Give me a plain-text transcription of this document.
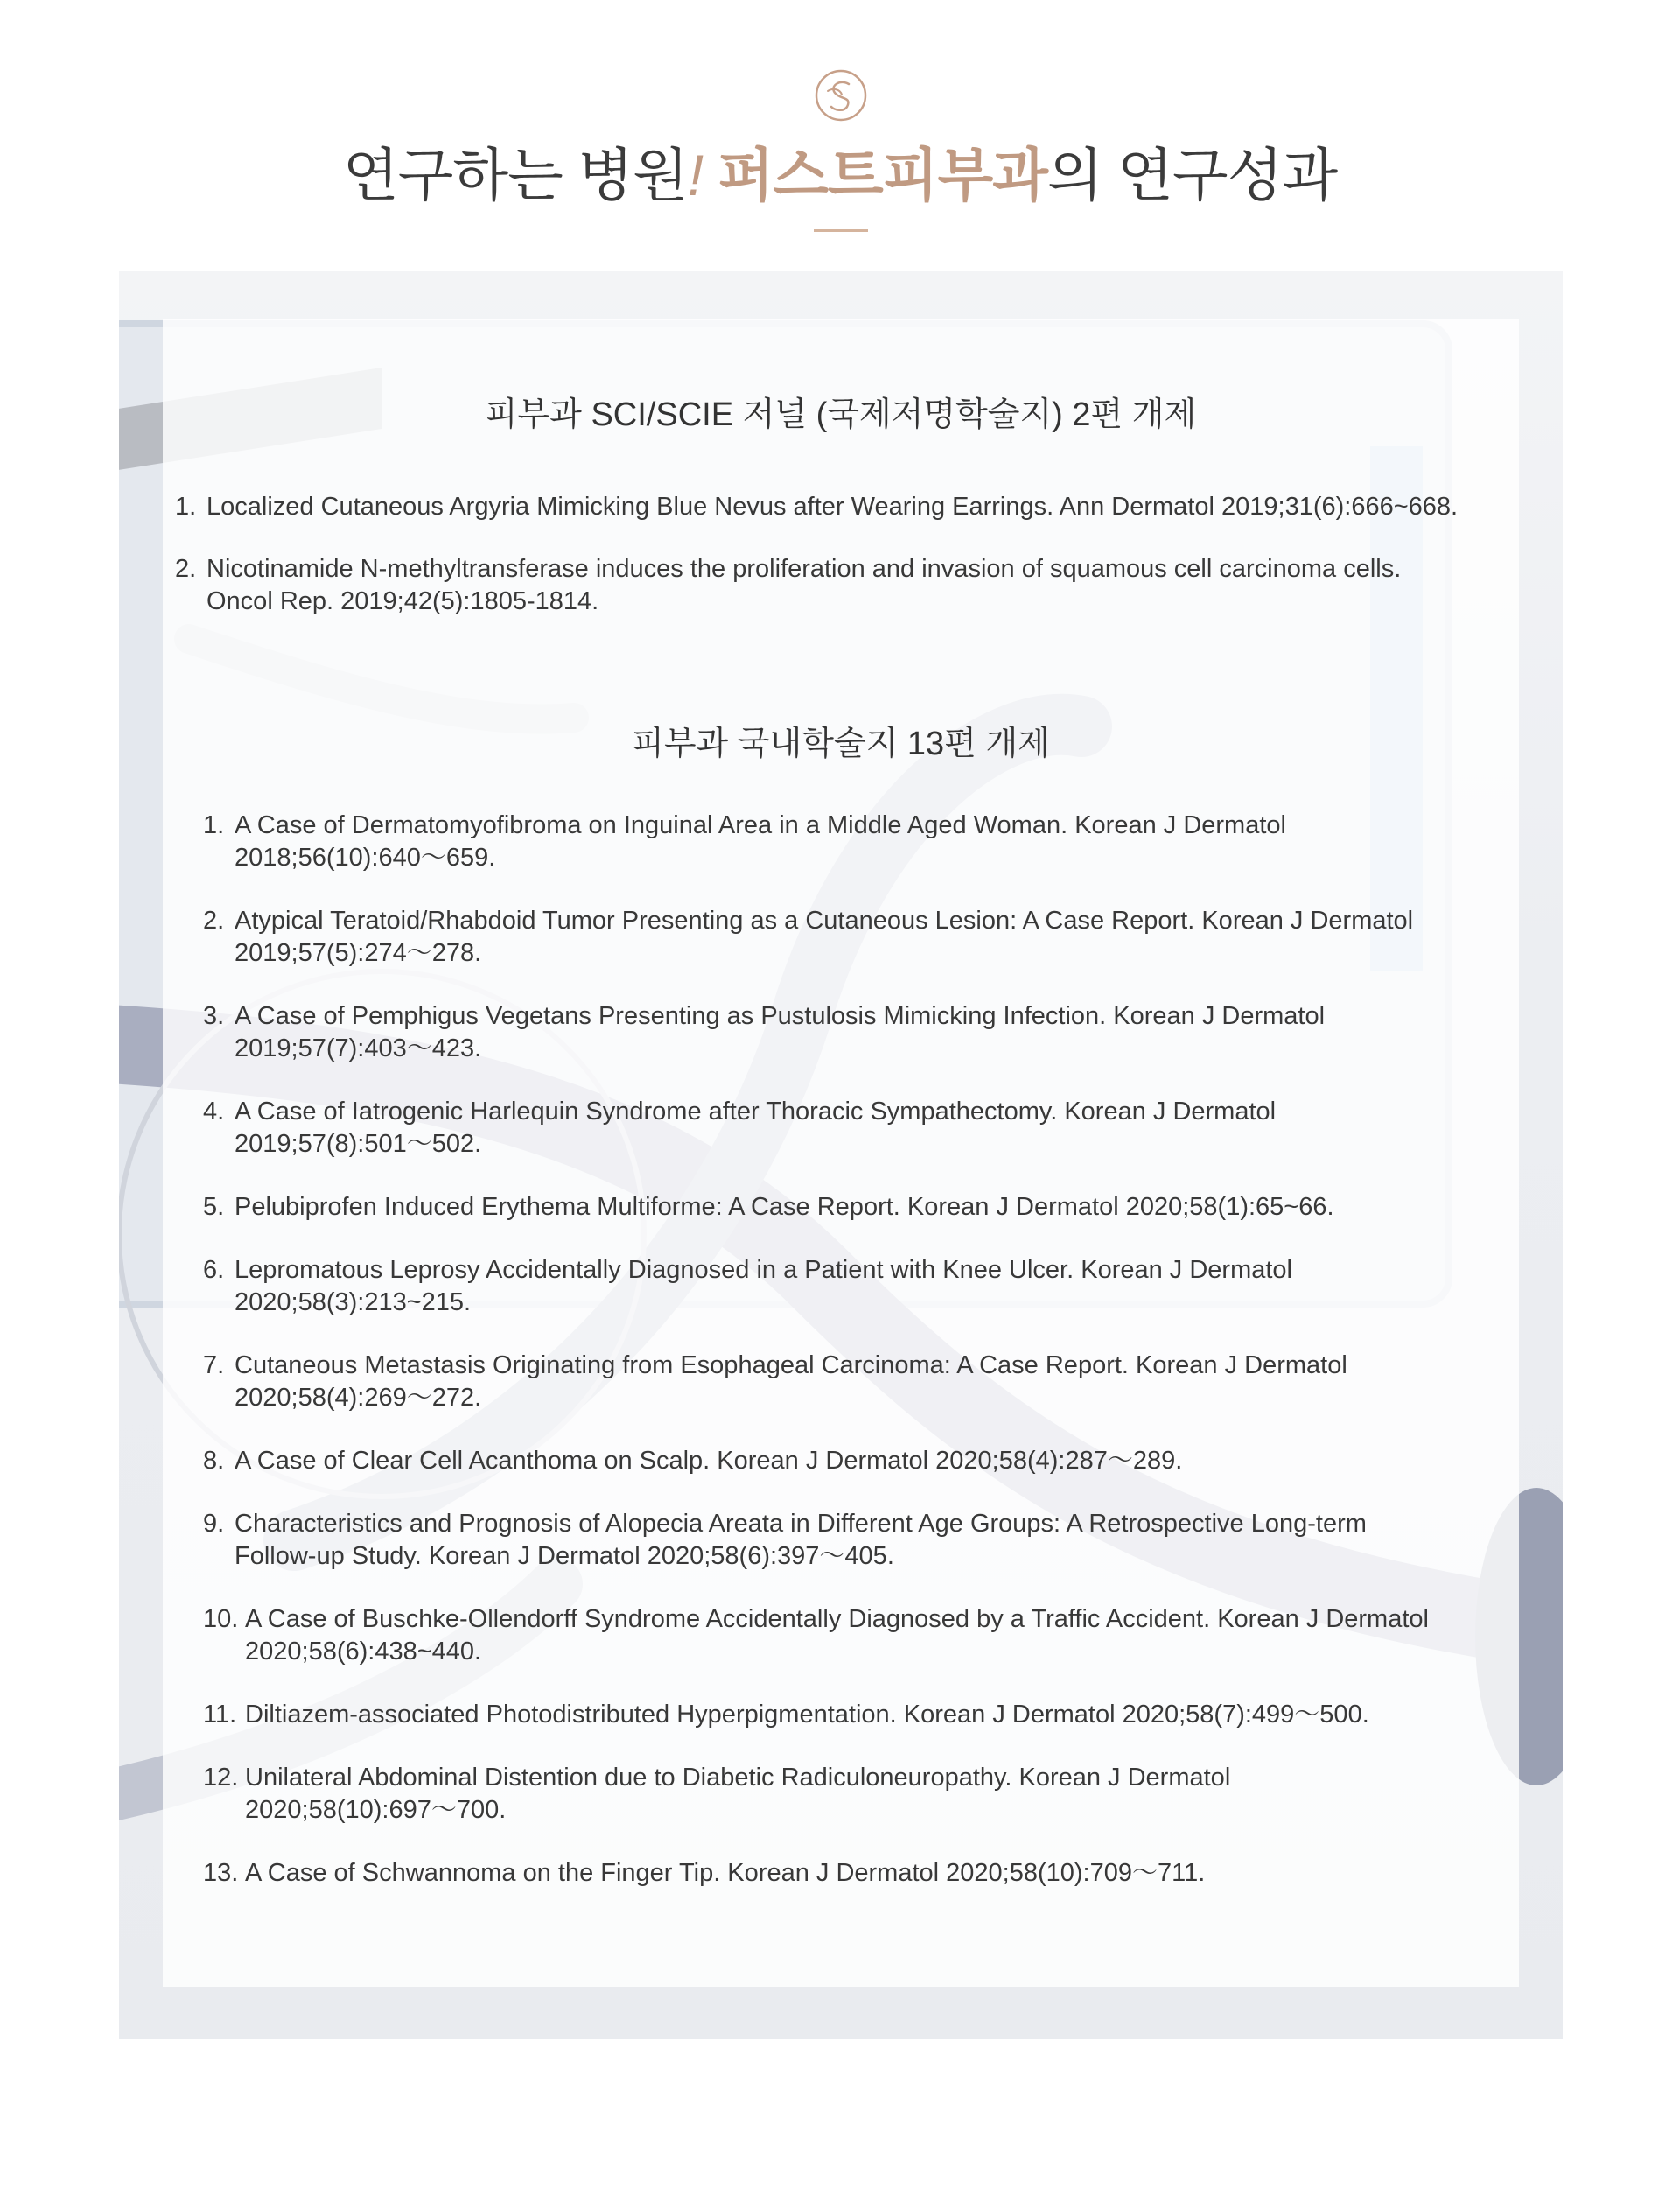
연구하는 병원! 퍼스트피부과의 연구성과
피부과 SCI/SCIE 저널 (국제저명학술지) 2편 개제
1. Localized Cutaneous Argyria Mimicking Blue Nevus after Wearing Earrings. Ann Dermatol 2019;31(6):666~668.
2. Nicotinamide N-methyltransferase induces the proliferation and invasion of squamous cell carcinoma cells.
Oncol Rep. 2019;42(5):1805-1814.
피부과 국내학술지 13편 개제
1. A Case of Dermatomyofibroma on Inguinal Area in a Middle Aged Woman. Korean J Dermatol
2018;56(10):640～659.
2. Atypical Teratoid/Rhabdoid Tumor Presenting as a Cutaneous Lesion: A Case Report. Korean J Dermatol
2019;57(5):274～278.
3. A Case of Pemphigus Vegetans Presenting as Pustulosis Mimicking Infection. Korean J Dermatol
2019;57(7):403～423.
4. A Case of Iatrogenic Harlequin Syndrome after Thoracic Sympathectomy. Korean J Dermatol
2019;57(8):501～502.
5. Pelubiprofen Induced Erythema Multiforme: A Case Report. Korean J Dermatol 2020;58(1):65~66.
6. Lepromatous Leprosy Accidentally Diagnosed in a Patient with Knee Ulcer. Korean J Dermatol
2020;58(3):213~215.
7. Cutaneous Metastasis Originating from Esophageal Carcinoma: A Case Report. Korean J Dermatol
2020;58(4):269～272.
8. A Case of Clear Cell Acanthoma on Scalp. Korean J Dermatol 2020;58(4):287～289.
9. Characteristics and Prognosis of Alopecia Areata in Different Age Groups: A Retrospective Long-term
Follow-up Study. Korean J Dermatol 2020;58(6):397～405.
10. A Case of Buschke-Ollendorff Syndrome Accidentally Diagnosed by a Traffic Accident. Korean J Dermatol
2020;58(6):438~440.
11. Diltiazem-associated Photodistributed Hyperpigmentation. Korean J Dermatol 2020;58(7):499～500.
12. Unilateral Abdominal Distention due to Diabetic Radiculoneuropathy. Korean J Dermatol
2020;58(10):697～700.
13. A Case of Schwannoma on the Finger Tip. Korean J Dermatol 2020;58(10):709～711.
